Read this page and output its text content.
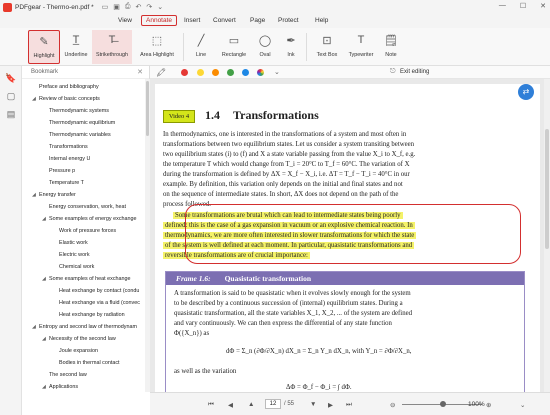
PDFgear - Thermo-en.pdf * ▭ ▣ ⎙ ↶ ↷ ⌄	— ☐ ✕
View	Annotate	Insert Convert Page Protect	Help
🔖
▢
▤
✎
Highlight
T̲
Underline
T̶
Strikethrough
⬚
Area Highlight
╱
Line
▭
Rectangle
◯
Oval
✒
Ink
⊡
Text Box
T
Typewriter
🗒
Note
Bookmark	✕
Preface and bibliography
◢ Review of basic concepts
Thermodynamic systems
Thermodynamic equilibrium
Thermodynamic variables
Transformations
Internal energy U
Pressure p
Temperature T
◢ Energy transfer
Energy conservation, work, heat
◢ Some examples of energy exchange
Work of pressure forces
Elastic work
Electric work
Chemical work
◢ Some examples of heat exchange
Heat exchange by contact (condu
Heat exchange via a fluid (convec
Heat exchange by radiation
◢ Entropy and second law of thermodynam
◢ Necessity of the second law
Joule expansion
Bodies in thermal contact
The second law
◢ Applications
🖍	⌄	⎋ Exit editing
Video 4	1.4 Transformations
In thermodynamics, one is interested in the transformations of a system and most often in
transformations between two equilibrium states. Let us consider a system transiting between
two equilibrium states (i) to (f) and X a state variable passing from the value X_i to X_f, e.g.
the temperature T which would change from T_i = 20°C to T_f = 60°C. The variation of X
during the transformation is defined by ΔX = X_f − X_i, i.e. ΔT = T_f − T_i = 40°C in our
example. By definition, this variation only depends on the initial and final states and not
on the sequence of intermediate states. In short, ΔX does not depend on the path of the
process followed.
Some transformations are brutal which can lead to intermediate states being poorly
defined: this is the case of a gas expansion in vacuum or an explosive chemical reaction. In
thermodynamics, we are more often interested in slower transformations for which the state
of the system is well defined at each moment. In particular, quasistatic transformations and
reversible transformations are of crucial importance:
Frame 1.6: Quasistatic transformation
A transformation is said to be quasistatic when it evolves slowly enough for the system
to be described by a continuous succession of (internal) equilibrium states. During a
quasistatic transformation, all the state variables X_1, X_2, ... of the system are defined
and vary continuously. We can then express the differential of any state function
Φ({X_n}) as
dΦ = Σ_n (∂Φ/∂X_n) dX_n = Σ_n Y_n dX_n, with Y_n = ∂Φ/∂X_n,
as well as the variation
ΔΦ = Φ_f − Φ_i = ∫ dΦ.
⇄
⏮ ◀ ▲	12	/ 55 ▼ ▶ ⏭	⊖	⊕
100%	⌄
